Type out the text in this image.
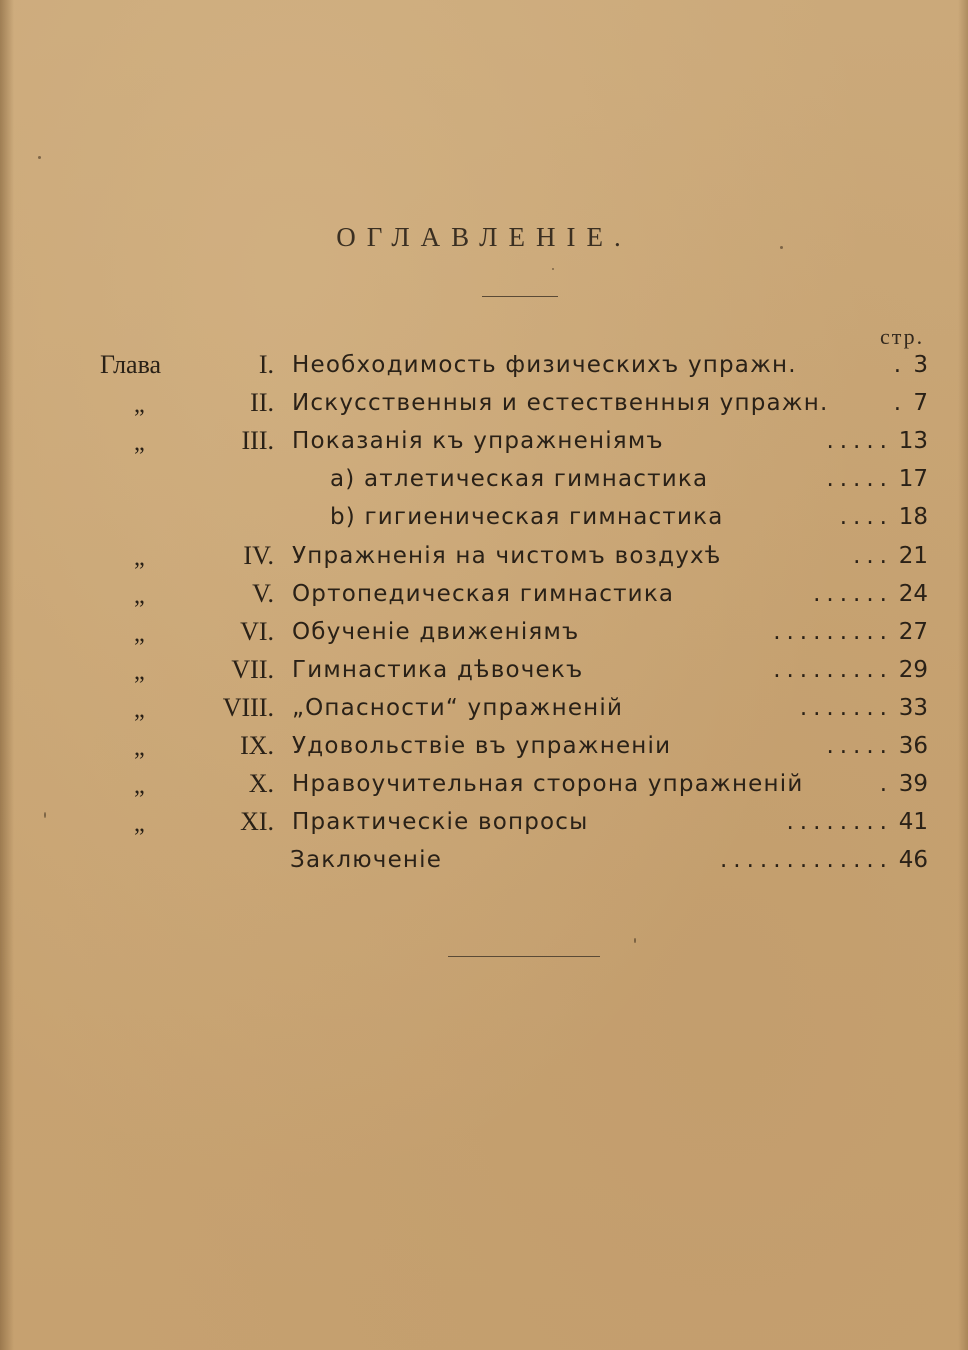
ОГЛАВЛЕНІЕ.
стр.
Глава	I. Необходимость физическихъ упражн.	. 3
„	II. Искусственныя и естественныя упражн.	. 7
„	III. Показанія къ упражненіямъ	..... 13
a) атлетическая гимнастика	..... 17
b) гигиеническая гимнастика	.... 18
„	IV. Упражненія на чистомъ воздухѣ	... 21
„	V. Ортопедическая гимнастика	...... 24
„	VI. Обученіе движеніямъ	......... 27
„	VII. Гимнастика дѣвочекъ	......... 29
„	VIII. „Опасности“ упражненій	....... 33
„	IX. Удовольствіе въ упражненіи	..... 36
„	X. Нравоучительная сторона упражненій	. 39
„	XI. Практическіе вопросы	........ 41
Заключеніе	............. 46
